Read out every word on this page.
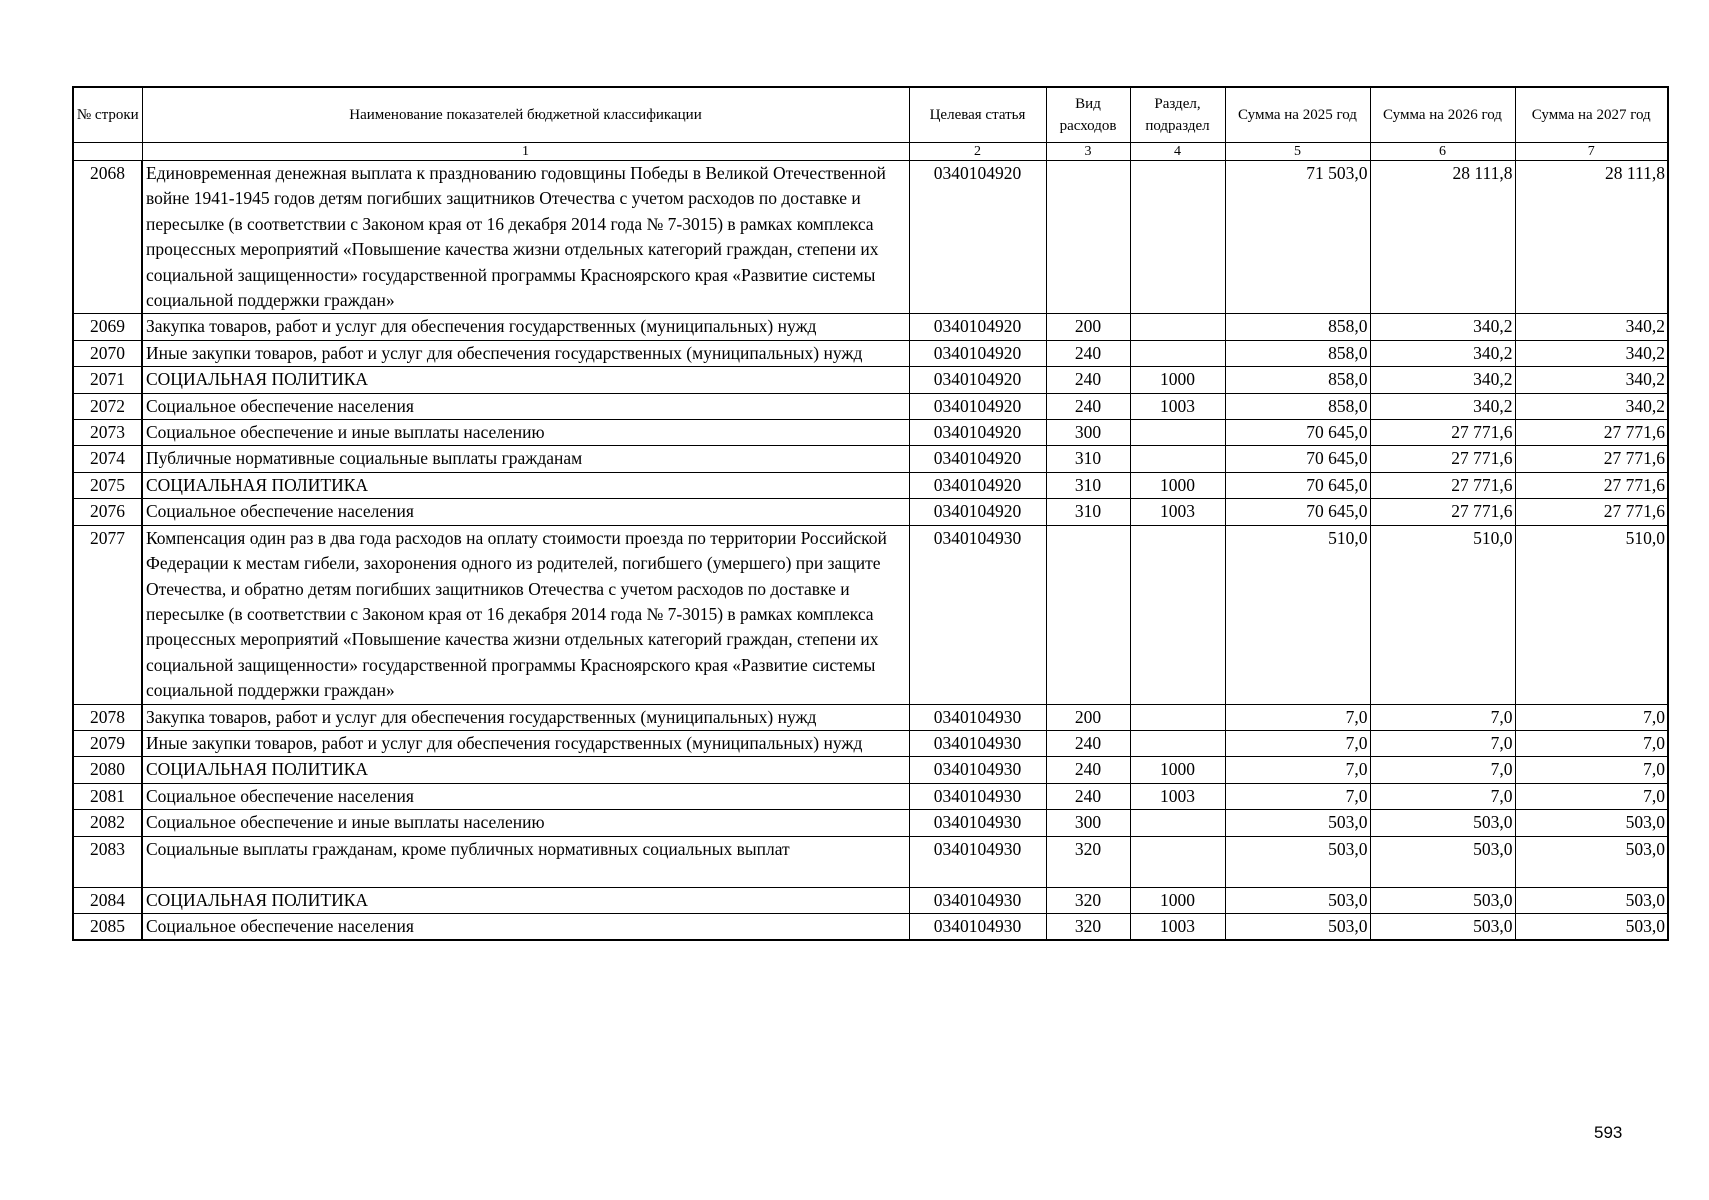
№ строки	Наименование показателей бюджетной классификации	Целевая статья	Вид расходов	Раздел, подраздел	Сумма на 2025 год	Сумма на 2026 год	Сумма на 2027 год
	1	2	3	4	5	6	7
2068	Единовременная денежная выплата к празднованию годовщины Победы в Великой Отечественной войне 1941-1945 годов детям погибших защитников Отечества с учетом расходов по доставке и пересылке (в соответствии с Законом края от 16 декабря 2014 года № 7-3015) в рамках комплекса процессных мероприятий «Повышение качества жизни отдельных категорий граждан, степени их социальной защищенности» государственной программы Красноярского края «Развитие системы социальной поддержки граждан»	0340104920			71 503,0	28 111,8	28 111,8
2069	Закупка товаров, работ и услуг для обеспечения государственных (муниципальных) нужд	0340104920	200		858,0	340,2	340,2
2070	Иные закупки товаров, работ и услуг для обеспечения государственных (муниципальных) нужд	0340104920	240		858,0	340,2	340,2
2071	СОЦИАЛЬНАЯ ПОЛИТИКА	0340104920	240	1000	858,0	340,2	340,2
2072	Социальное обеспечение населения	0340104920	240	1003	858,0	340,2	340,2
2073	Социальное обеспечение и иные выплаты населению	0340104920	300		70 645,0	27 771,6	27 771,6
2074	Публичные нормативные социальные выплаты гражданам	0340104920	310		70 645,0	27 771,6	27 771,6
2075	СОЦИАЛЬНАЯ ПОЛИТИКА	0340104920	310	1000	70 645,0	27 771,6	27 771,6
2076	Социальное обеспечение населения	0340104920	310	1003	70 645,0	27 771,6	27 771,6
2077	Компенсация один раз в два года расходов на оплату стоимости проезда по территории Российской Федерации к местам гибели, захоронения одного из родителей, погибшего (умершего) при защите Отечества, и обратно детям погибших защитников Отечества с учетом расходов по доставке и пересылке (в соответствии с Законом края от 16 декабря 2014 года № 7-3015) в рамках комплекса процессных мероприятий «Повышение качества жизни отдельных категорий граждан, степени их социальной защищенности» государственной программы Красноярского края «Развитие системы социальной поддержки граждан»	0340104930			510,0	510,0	510,0
2078	Закупка товаров, работ и услуг для обеспечения государственных (муниципальных) нужд	0340104930	200		7,0	7,0	7,0
2079	Иные закупки товаров, работ и услуг для обеспечения государственных (муниципальных) нужд	0340104930	240		7,0	7,0	7,0
2080	СОЦИАЛЬНАЯ ПОЛИТИКА	0340104930	240	1000	7,0	7,0	7,0
2081	Социальное обеспечение населения	0340104930	240	1003	7,0	7,0	7,0
2082	Социальное обеспечение и иные выплаты населению	0340104930	300		503,0	503,0	503,0
2083	Социальные выплаты гражданам, кроме публичных нормативных социальных выплат	0340104930	320		503,0	503,0	503,0
2084	СОЦИАЛЬНАЯ ПОЛИТИКА	0340104930	320	1000	503,0	503,0	503,0
2085	Социальное обеспечение населения	0340104930	320	1003	503,0	503,0	503,0
593
